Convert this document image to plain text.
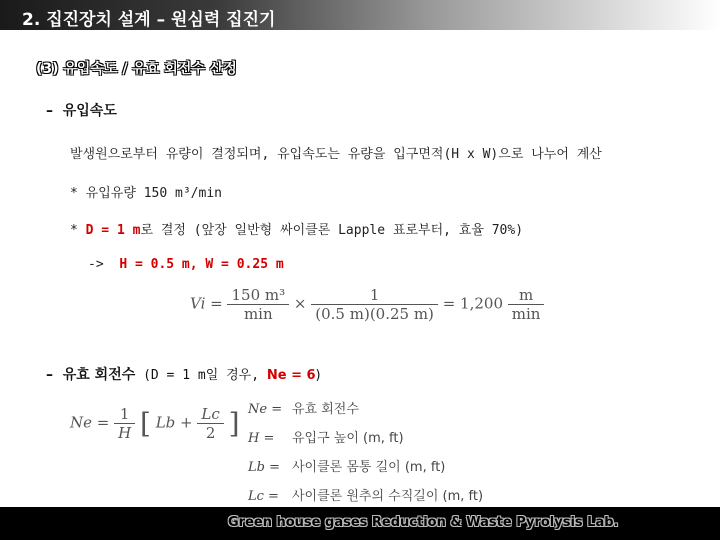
2. 집진장치 설계 – 원심력 집진기
(3) 유입속도 / 유효 회전수 산정
–  유입속도
발생원으로부터 유량이 결정되며, 유입속도는 유량을 입구면적(H x W)으로 나누어 계산
* 유입유량 150 m³/min
* D = 1 m로 결정 (앞장 일반형 싸이클론 Lapple 표로부터, 효율 70%)
-> H = 0.5 m, W = 0.25 m
$Vi = \frac{\text{150 m³}}{\min} \times \frac{1}{(0.5 m)(0.25 m)} = 1,200 \frac{m}{\min}$
–  유효 회전수 (D = 1 m일 경우, Ne = 6)
$Ne = \frac{1}{H}$ [ $Lb + \frac{Lc}{2}$ ] Ne = 유효 회전수
H = 유입구 높이 (m, ft)
Lb = 사이클론 몸통 길이 (m, ft)
Lc = 사이클론 원추의 수직길이 (m, ft)
Green house gases Reduction & Waste Pyrolysis Lab.
